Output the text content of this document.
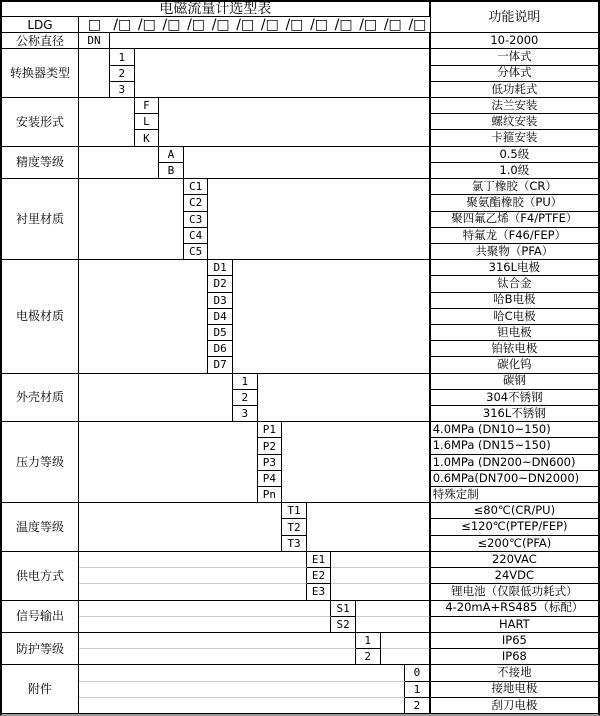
电磁流量计选型表
功能说明
LDG	□ /□ /□ /□ /□ /□ /□ /□ /□ /□ /□ /□ /□ /□
公称直径	DN	10-2000
转换器类型
1	一体式
2	分体式
3	低功耗式
安装形式
F	法兰安装
L	螺纹安装
K	卡箍安装
精度等级
A	0.5级
B	1.0级
衬里材质
C1	氯丁橡胶（CR）
C2	聚氨酯橡胶（PU）
C3	聚四氟乙烯（F4/PTFE）
C4	特氟龙（F46/FEP）
C5	共聚物（PFA）
电极材质
D1	316L电极
D2	钛合金
D3	哈B电极
D4	哈C电极
D5	钽电极
D6	铂铱电极
D7	碳化钨
外壳材质
1	碳钢
2	304不锈钢
3	316L不锈钢
压力等级
P1	4.0MPa (DN10~150)
P2	1.6MPa (DN15~150)
P3	1.0MPa (DN200~DN600)
P4	0.6MPa(DN700~DN2000)
Pn	特殊定制
温度等级
T1	≤80℃(CR/PU)
T2	≤120℃(PTEP/FEP)
T3	≤200℃(PFA)
供电方式
E1	220VAC
E2	24VDC
E3	锂电池（仅限低功耗式）
信号输出
S1	4-20mA+RS485（标配）
S2	HART
防护等级
1	IP65
2	IP68
附件
0	不接地
1	接地电极
2	刮刀电极
